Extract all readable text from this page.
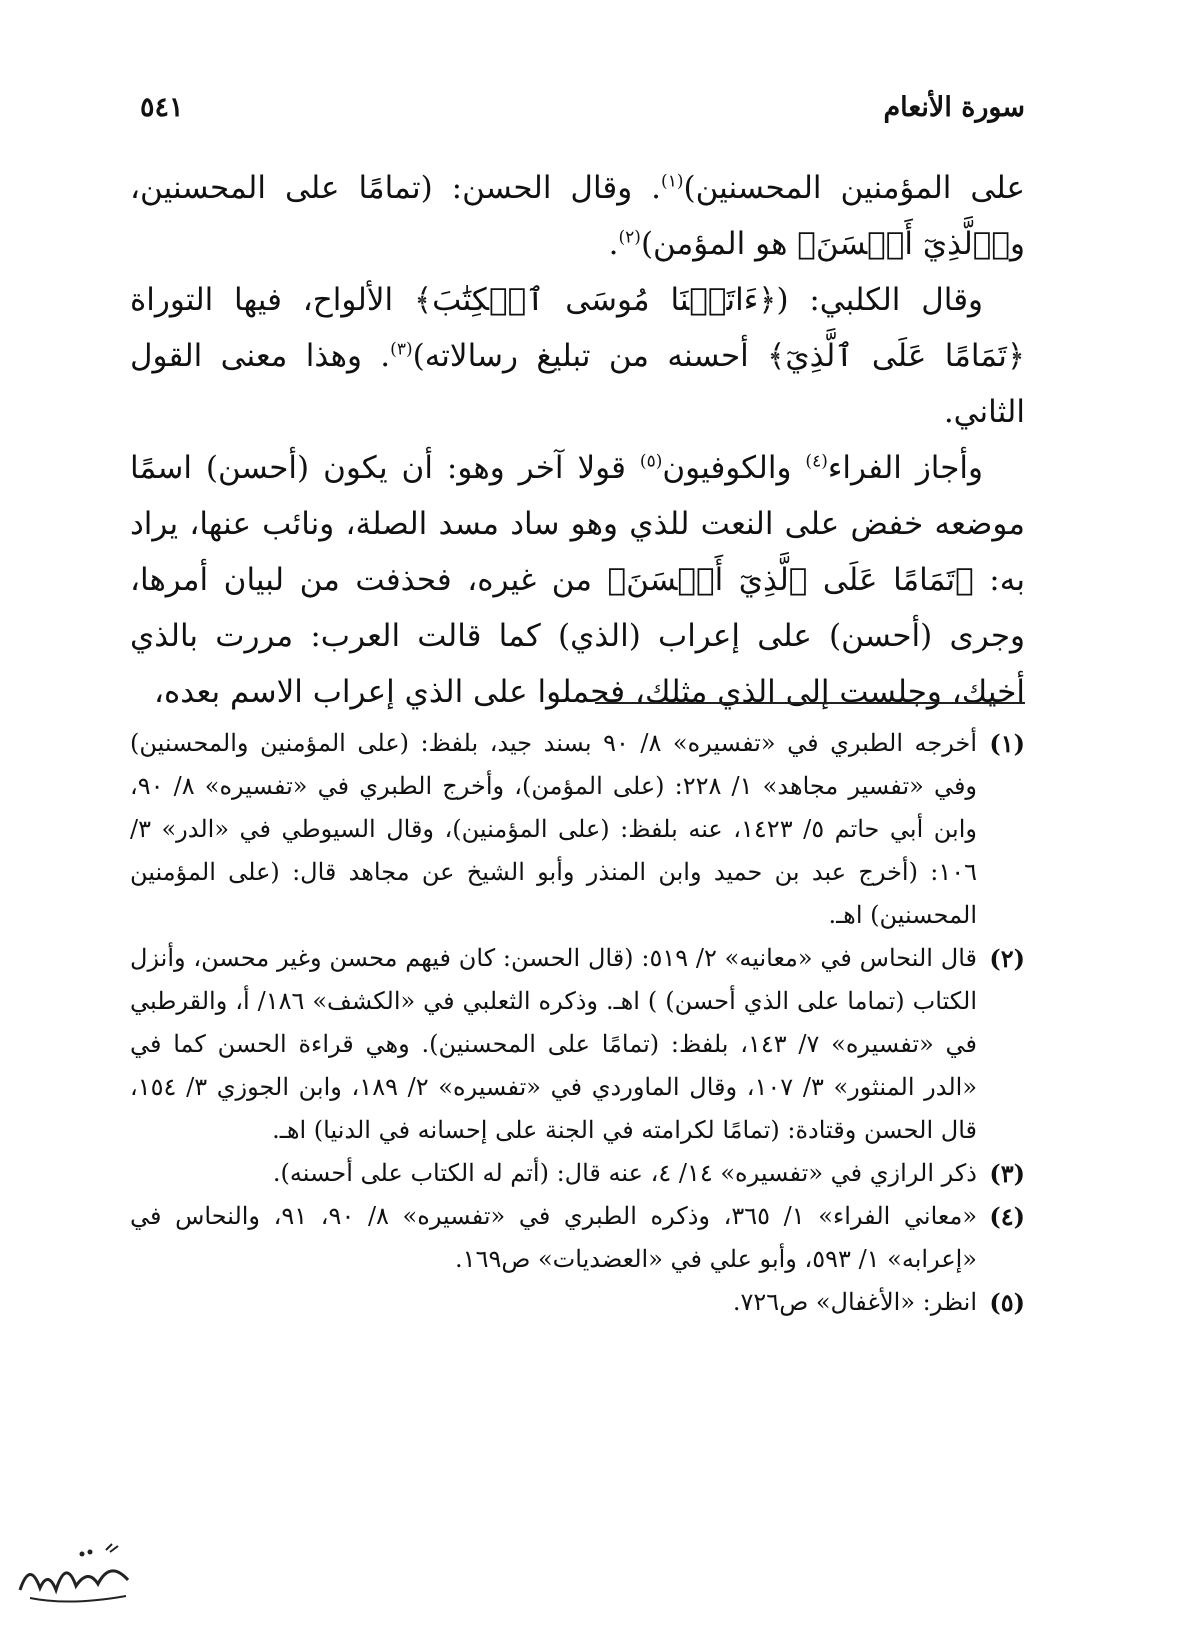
سورة الأنعام
٥٤١

على المؤمنين المحسنين)$^{(١)}$. وقال الحسن: (تمامًا على المحسنين، و﴿ٱلَّذِيٓ أَحۡسَنَ﴾ هو المؤمن)$^{(٢)}$.

وقال الكلبي: (﴿ءَاتَيۡنَا مُوسَى ٱلۡكِتَٰبَ﴾ الألواح، فيها التوراة ﴿تَمَامًا عَلَى ٱلَّذِيٓ﴾ أحسنه من تبليغ رسالاته)$^{(٣)}$. وهذا معنى القول الثاني.

وأجاز الفراء$^{(٤)}$ والكوفيون$^{(٥)}$ قولا آخر وهو: أن يكون (أحسن) اسمًا موضعه خفض على النعت للذي وهو ساد مسد الصلة، ونائب عنها، يراد به: ﴿تَمَامًا عَلَى ٱلَّذِيٓ أَحۡسَنَ﴾ من غيره، فحذفت من لبيان أمرها، وجرى (أحسن) على إعراب (الذي) كما قالت العرب: مررت بالذي أخيك، وجلست إلى الذي مثلك، فحملوا على الذي إعراب الاسم بعده،

(١)
أخرجه الطبري في «تفسيره» ٨/ ٩٠ بسند جيد، بلفظ: (على المؤمنين والمحسنين) وفي «تفسير مجاهد» ١/ ٢٢٨: (على المؤمن)، وأخرج الطبري في «تفسيره» ٨/ ٩٠، وابن أبي حاتم ٥/ ١٤٢٣، عنه بلفظ: (على المؤمنين)، وقال السيوطي في «الدر» ٣/ ١٠٦: (أخرج عبد بن حميد وابن المنذر وأبو الشيخ عن مجاهد قال: (على المؤمنين المحسنين) اهـ.
(٢)
قال النحاس في «معانيه» ٢/ ٥١٩: (قال الحسن: كان فيهم محسن وغير محسن، وأنزل الكتاب (تماما على الذي أحسن) ) اهـ. وذكره الثعلبي في «الكشف» ١٨٦/ أ، والقرطبي في «تفسيره» ٧/ ١٤٣، بلفظ: (تمامًا على المحسنين). وهي قراءة الحسن كما في «الدر المنثور» ٣/ ١٠٧، وقال الماوردي في «تفسيره» ٢/ ١٨٩، وابن الجوزي ٣/ ١٥٤، قال الحسن وقتادة: (تمامًا لكرامته في الجنة على إحسانه في الدنيا) اهـ.
(٣)
ذكر الرازي في «تفسيره» ١٤/ ٤، عنه قال: (أتم له الكتاب على أحسنه).
(٤)
«معاني الفراء» ١/ ٣٦٥، وذكره الطبري في «تفسيره» ٨/ ٩٠، ٩١، والنحاس في «إعرابه» ١/ ٥٩٣، وأبو علي في «العضديات» ص١٦٩.
(٥)
انظر: «الأغفال» ص٧٢٦.
